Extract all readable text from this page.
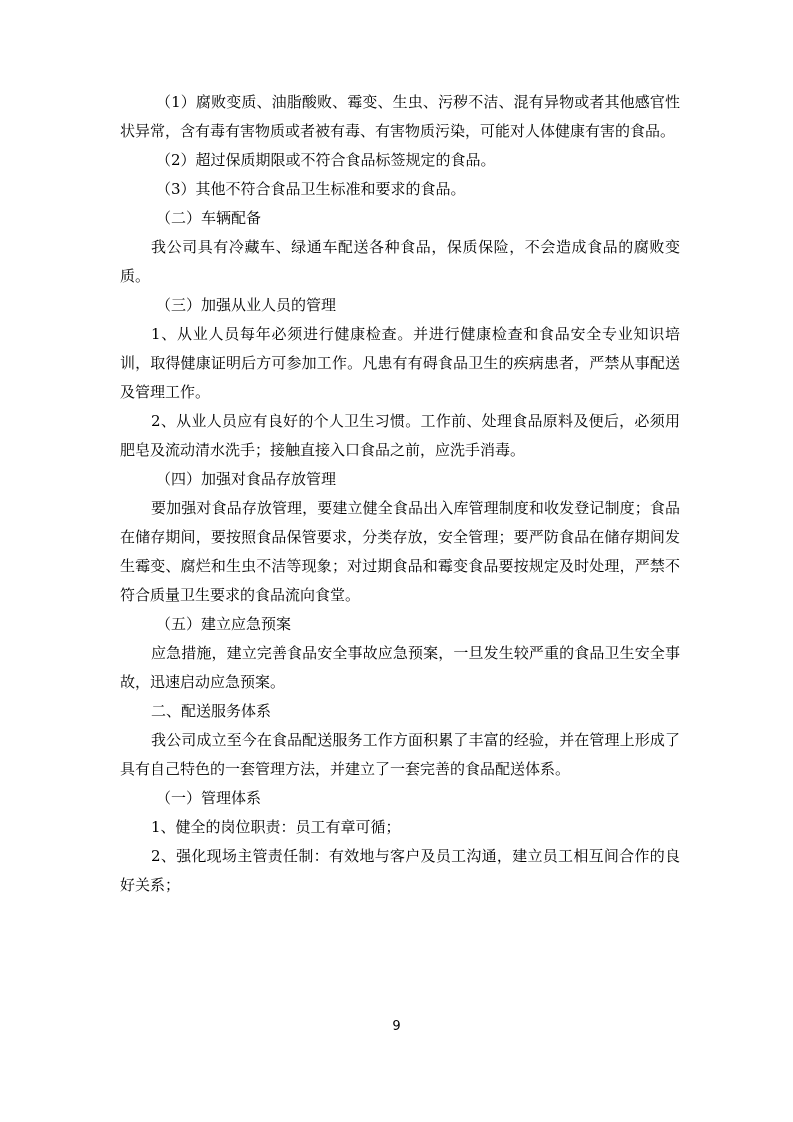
（1）腐败变质、油脂酸败、霉变、生虫、污秽不洁、混有异物或者其他感官性状异常，含有毒有害物质或者被有毒、有害物质污染，可能对人体健康有害的食品。

（2）超过保质期限或不符合食品标签规定的食品。

（3）其他不符合食品卫生标准和要求的食品。

（二）车辆配备

我公司具有冷藏车、绿通车配送各种食品，保质保险，不会造成食品的腐败变质。

（三）加强从业人员的管理

1、从业人员每年必须进行健康检查。并进行健康检查和食品安全专业知识培训，取得健康证明后方可参加工作。凡患有有碍食品卫生的疾病患者，严禁从事配送及管理工作。

2、从业人员应有良好的个人卫生习惯。工作前、处理食品原料及便后，必须用肥皂及流动清水洗手；接触直接入口食品之前，应洗手消毒。

（四）加强对食品存放管理

要加强对食品存放管理，要建立健全食品出入库管理制度和收发登记制度；食品在储存期间，要按照食品保管要求，分类存放，安全管理；要严防食品在储存期间发生霉变、腐烂和生虫不洁等现象；对过期食品和霉变食品要按规定及时处理，严禁不符合质量卫生要求的食品流向食堂。

（五）建立应急预案

应急措施，建立完善食品安全事故应急预案，一旦发生较严重的食品卫生安全事故，迅速启动应急预案。

二、配送服务体系

我公司成立至今在食品配送服务工作方面积累了丰富的经验，并在管理上形成了具有自己特色的一套管理方法，并建立了一套完善的食品配送体系。

（一）管理体系

1、健全的岗位职责：员工有章可循；

2、强化现场主管责任制：有效地与客户及员工沟通，建立员工相互间合作的良好关系；

9
